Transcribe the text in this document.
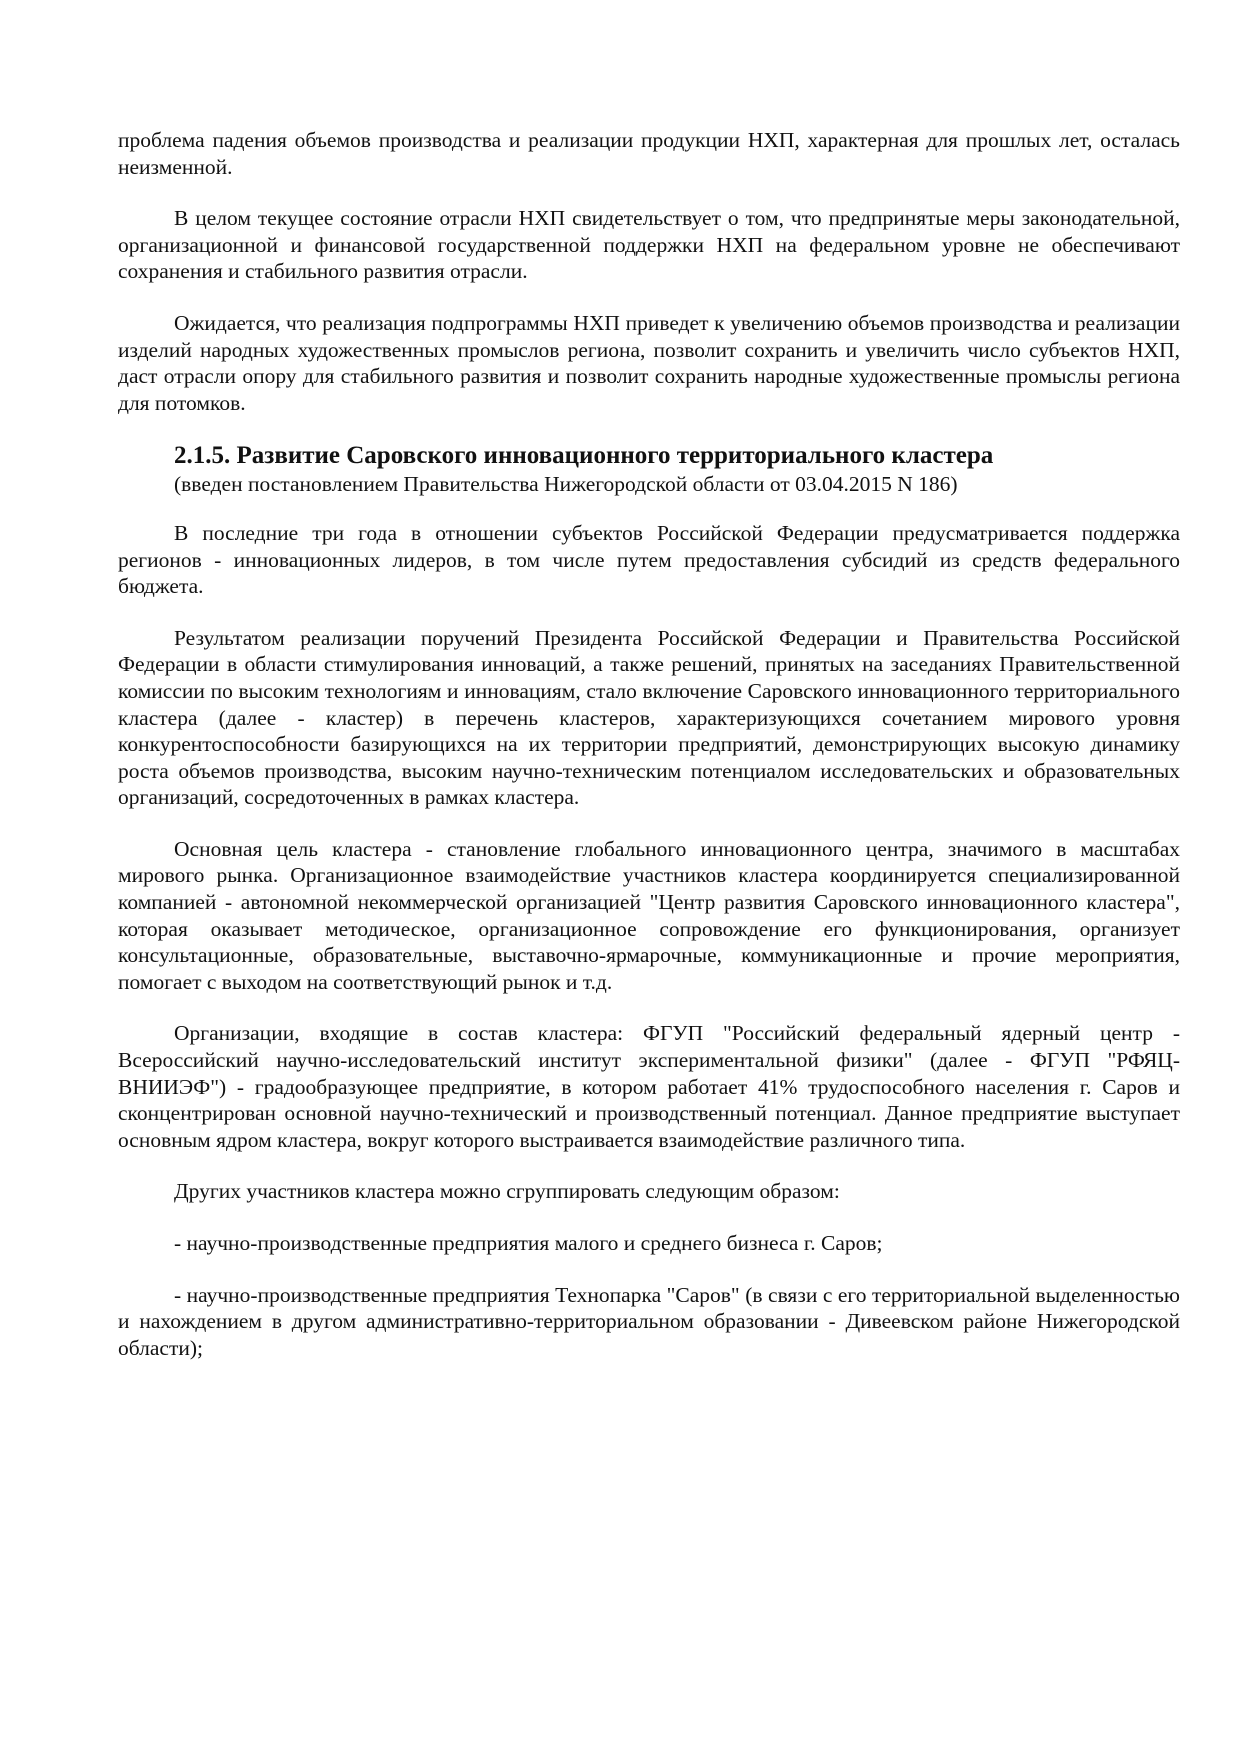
проблема падения объемов производства и реализации продукции НХП, характерная для прошлых лет, осталась неизменной.

В целом текущее состояние отрасли НХП свидетельствует о том, что предпринятые меры законодательной, организационной и финансовой государственной поддержки НХП на федеральном уровне не обеспечивают сохранения и стабильного развития отрасли.

Ожидается, что реализация подпрограммы НХП приведет к увеличению объемов производства и реализации изделий народных художественных промыслов региона, позволит сохранить и увеличить число субъектов НХП, даст отрасли опору для стабильного развития и позволит сохранить народные художественные промыслы региона для потомков.

2.1.5. Развитие Саровского инновационного территориального кластера

(введен постановлением Правительства Нижегородской области от 03.04.2015 N 186)

В последние три года в отношении субъектов Российской Федерации предусматривается поддержка регионов - инновационных лидеров, в том числе путем предоставления субсидий из средств федерального бюджета.

Результатом реализации поручений Президента Российской Федерации и Правительства Российской Федерации в области стимулирования инноваций, а также решений, принятых на заседаниях Правительственной комиссии по высоким технологиям и инновациям, стало включение Саровского инновационного территориального кластера (далее - кластер) в перечень кластеров, характеризующихся сочетанием мирового уровня конкурентоспособности базирующихся на их территории предприятий, демонстрирующих высокую динамику роста объемов производства, высоким научно-техническим потенциалом исследовательских и образовательных организаций, сосредоточенных в рамках кластера.

Основная цель кластера - становление глобального инновационного центра, значимого в масштабах мирового рынка. Организационное взаимодействие участников кластера координируется специализированной компанией - автономной некоммерческой организацией "Центр развития Саровского инновационного кластера", которая оказывает методическое, организационное сопровождение его функционирования, организует консультационные, образовательные, выставочно-ярмарочные, коммуникационные и прочие мероприятия, помогает с выходом на соответствующий рынок и т.д.

Организации, входящие в состав кластера: ФГУП "Российский федеральный ядерный центр - Всероссийский научно-исследовательский институт экспериментальной физики" (далее - ФГУП "РФЯЦ-ВНИИЭФ") - градообразующее предприятие, в котором работает 41% трудоспособного населения г. Саров и сконцентрирован основной научно-технический и производственный потенциал. Данное предприятие выступает основным ядром кластера, вокруг которого выстраивается взаимодействие различного типа.

Других участников кластера можно сгруппировать следующим образом:

- научно-производственные предприятия малого и среднего бизнеса г. Саров;

- научно-производственные предприятия Технопарка "Саров" (в связи с его территориальной выделенностью и нахождением в другом административно-территориальном образовании - Дивеевском районе Нижегородской области);
